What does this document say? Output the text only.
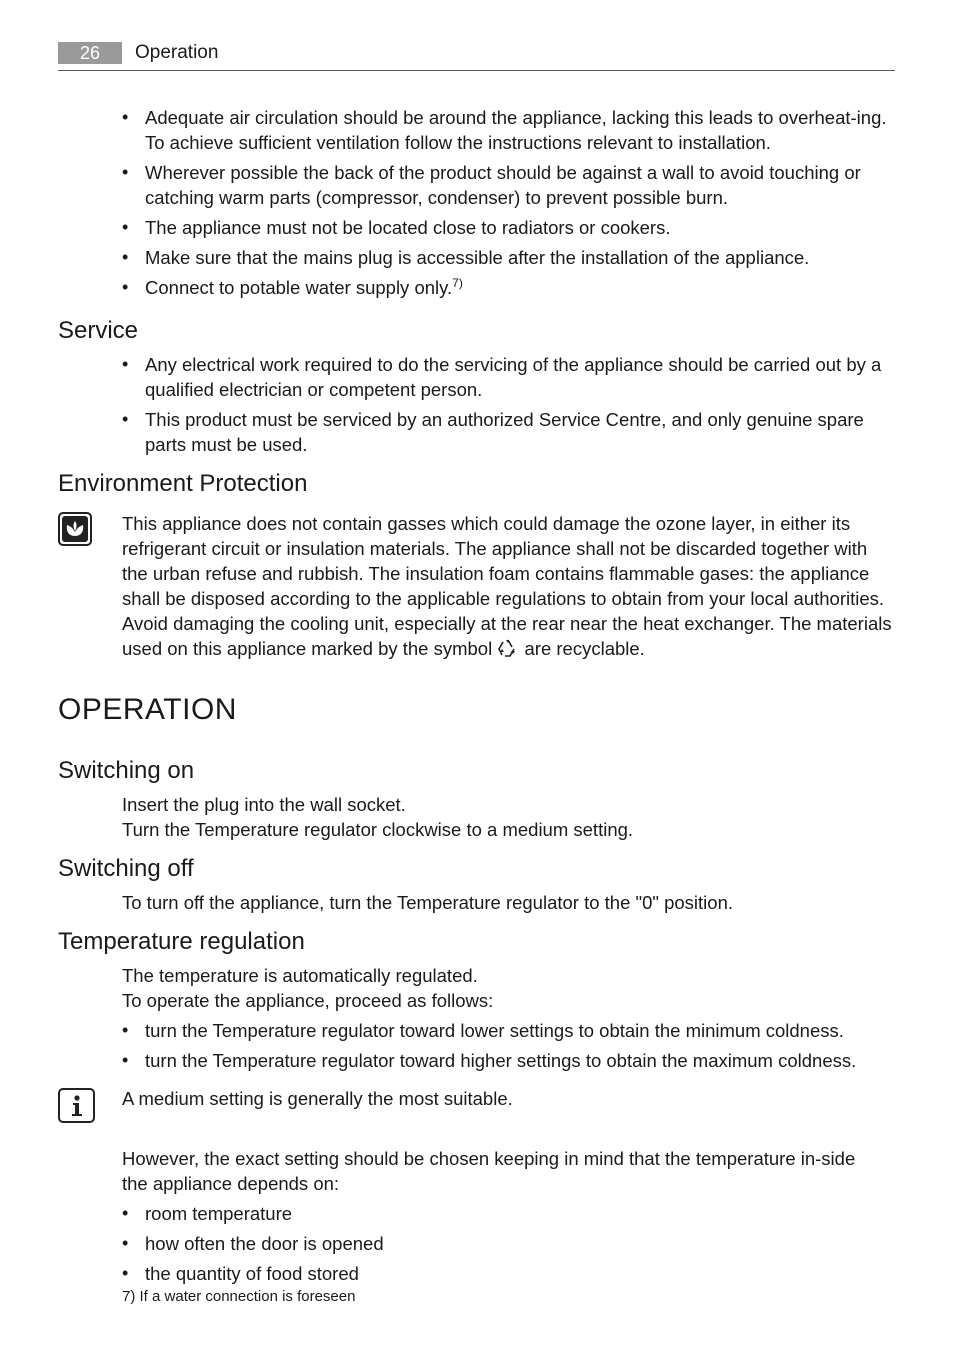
26	Operation
• Adequate air circulation should be around the appliance, lacking this leads to overheat-ing. To achieve sufficient ventilation follow the instructions relevant to installation.
• Wherever possible the back of the product should be against a wall to avoid touching or catching warm parts (compressor, condenser) to prevent possible burn.
• The appliance must not be located close to radiators or cookers.
• Make sure that the mains plug is accessible after the installation of the appliance.
• Connect to potable water supply only.$^{7)}$
Service
• Any electrical work required to do the servicing of the appliance should be carried out by a qualified electrician or competent person.
• This product must be serviced by an authorized Service Centre, and only genuine spare parts must be used.
Environment Protection
This appliance does not contain gasses which could damage the ozone layer, in either its refrigerant circuit or insulation materials. The appliance shall not be discarded together with the urban refuse and rubbish. The insulation foam contains flammable gases: the appliance shall be disposed according to the applicable regulations to obtain from your local authorities. Avoid damaging the cooling unit, especially at the rear near the heat exchanger. The materials used on this appliance marked by the symbol are recyclable.
OPERATION
Switching on

Insert the plug into the wall socket.

Turn the Temperature regulator clockwise to a medium setting.

Switching off
To turn off the appliance, turn the Temperature regulator to the "0" position.
Temperature regulation

The temperature is automatically regulated.

To operate the appliance, proceed as follows:

• turn the Temperature regulator toward lower settings to obtain the minimum coldness.
• turn the Temperature regulator toward higher settings to obtain the maximum coldness.
A medium setting is generally the most suitable.
However, the exact setting should be chosen keeping in mind that the temperature in-side the appliance depends on:
• room temperature
• how often the door is opened
• the quantity of food stored
7) If a water connection is foreseen
